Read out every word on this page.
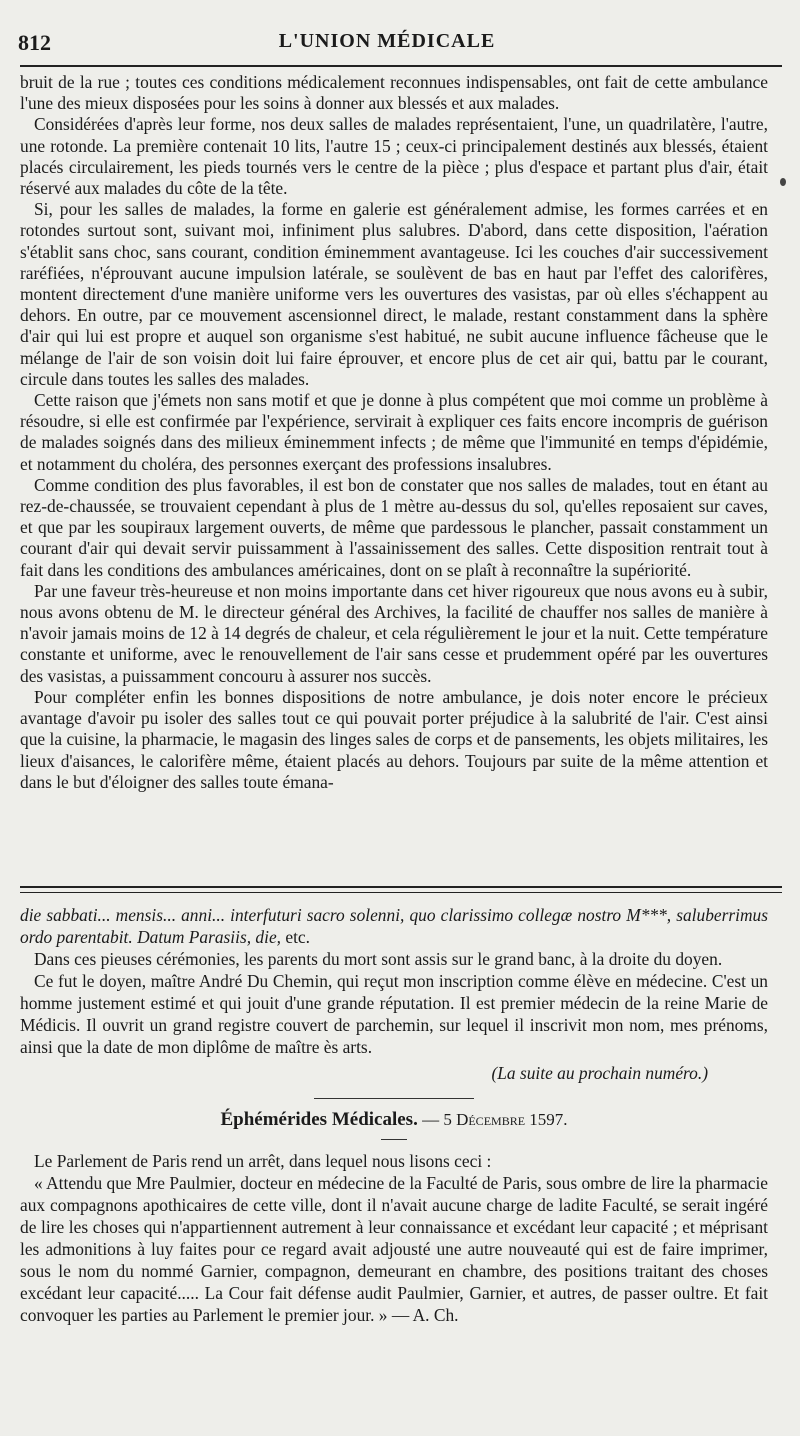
812	L'UNION MÉDICALE

bruit de la rue ; toutes ces conditions médicalement reconnues indispensables, ont fait de cette ambulance l'une des mieux disposées pour les soins à donner aux blessés et aux malades.

Considérées d'après leur forme, nos deux salles de malades représentaient, l'une, un quadrilatère, l'autre, une rotonde. La première contenait 10 lits, l'autre 15 ; ceux-ci principalement destinés aux blessés, étaient placés circulairement, les pieds tournés vers le centre de la pièce ; plus d'espace et partant plus d'air, était réservé aux malades du côte de la tête.

Si, pour les salles de malades, la forme en galerie est généralement admise, les formes carrées et en rotondes surtout sont, suivant moi, infiniment plus salubres. D'abord, dans cette disposition, l'aération s'établit sans choc, sans courant, condition éminemment avantageuse. Ici les couches d'air successivement raréfiées, n'éprouvant aucune impulsion latérale, se soulèvent de bas en haut par l'effet des calorifères, montent directement d'une manière uniforme vers les ouvertures des vasistas, par où elles s'échappent au dehors. En outre, par ce mouvement ascensionnel direct, le malade, restant constamment dans la sphère d'air qui lui est propre et auquel son organisme s'est habitué, ne subit aucune influence fâcheuse que le mélange de l'air de son voisin doit lui faire éprouver, et encore plus de cet air qui, battu par le courant, circule dans toutes les salles des malades.

Cette raison que j'émets non sans motif et que je donne à plus compétent que moi comme un problème à résoudre, si elle est confirmée par l'expérience, servirait à expliquer ces faits encore incompris de guérison de malades soignés dans des milieux éminemment infects ; de même que l'immunité en temps d'épidémie, et notamment du choléra, des personnes exerçant des professions insalubres.

Comme condition des plus favorables, il est bon de constater que nos salles de malades, tout en étant au rez-de-chaussée, se trouvaient cependant à plus de 1 mètre au-dessus du sol, qu'elles reposaient sur caves, et que par les soupiraux largement ouverts, de même que pardessous le plancher, passait constamment un courant d'air qui devait servir puissamment à l'assainissement des salles. Cette disposition rentrait tout à fait dans les conditions des ambulances américaines, dont on se plaît à reconnaître la supériorité.

Par une faveur très-heureuse et non moins importante dans cet hiver rigoureux que nous avons eu à subir, nous avons obtenu de M. le directeur général des Archives, la facilité de chauffer nos salles de manière à n'avoir jamais moins de 12 à 14 degrés de chaleur, et cela régulièrement le jour et la nuit. Cette température constante et uniforme, avec le renouvellement de l'air sans cesse et prudemment opéré par les ouvertures des vasistas, a puissamment concouru à assurer nos succès.

Pour compléter enfin les bonnes dispositions de notre ambulance, je dois noter encore le précieux avantage d'avoir pu isoler des salles tout ce qui pouvait porter préjudice à la salubrité de l'air. C'est ainsi que la cuisine, la pharmacie, le magasin des linges sales de corps et de pansements, les objets militaires, les lieux d'aisances, le calorifère même, étaient placés au dehors. Toujours par suite de la même attention et dans le but d'éloigner des salles toute émana-

die sabbati... mensis... anni... interfuturi sacro solenni, quo clarissimo collegæ nostro M***, saluberrimus ordo parentabit. Datum Parasiis, die, etc.

Dans ces pieuses cérémonies, les parents du mort sont assis sur le grand banc, à la droite du doyen.

Ce fut le doyen, maître André Du Chemin, qui reçut mon inscription comme élève en médecine. C'est un homme justement estimé et qui jouit d'une grande réputation. Il est premier médecin de la reine Marie de Médicis. Il ouvrit un grand registre couvert de parchemin, sur lequel il inscrivit mon nom, mes prénoms, ainsi que la date de mon diplôme de maître ès arts.

(La suite au prochain numéro.)

Éphémérides Médicales. — 5 Décembre 1597.

Le Parlement de Paris rend un arrêt, dans lequel nous lisons ceci :

« Attendu que Mre Paulmier, docteur en médecine de la Faculté de Paris, sous ombre de lire la pharmacie aux compagnons apothicaires de cette ville, dont il n'avait aucune charge de ladite Faculté, se serait ingéré de lire les choses qui n'appartiennent autrement à leur connaissance et excédant leur capacité ; et méprisant les admonitions à luy faites pour ce regard avait adjousté une autre nouveauté qui est de faire imprimer, sous le nom du nommé Garnier, compagnon, demeurant en chambre, des positions traitant des choses excédant leur capacité..... La Cour fait défense audit Paulmier, Garnier, et autres, de passer oultre. Et fait convoquer les parties au Parlement le premier jour. » — A. Ch.
